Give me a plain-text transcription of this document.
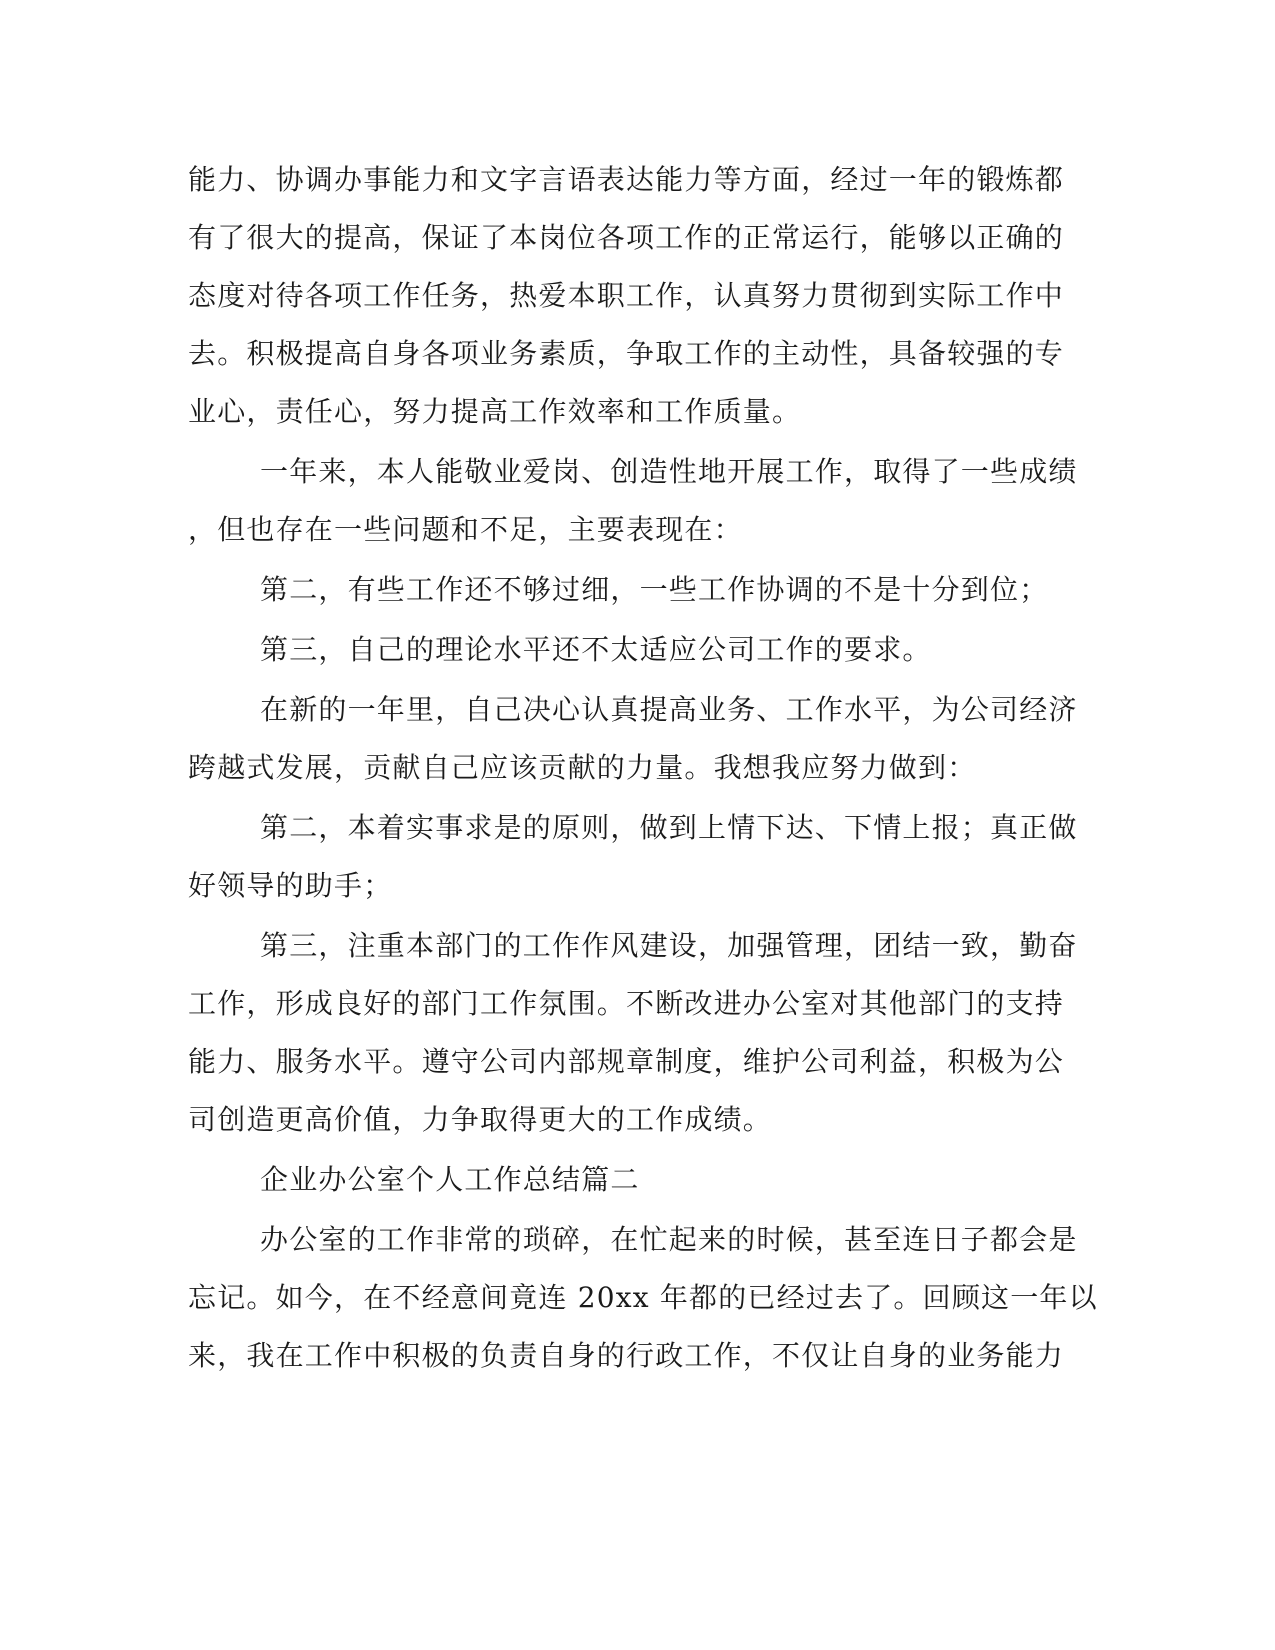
能力、协调办事能力和文字言语表达能力等方面，经过一年的锻炼都
有了很大的提高，保证了本岗位各项工作的正常运行，能够以正确的
态度对待各项工作任务，热爱本职工作，认真努力贯彻到实际工作中
去。积极提高自身各项业务素质，争取工作的主动性，具备较强的专
业心，责任心，努力提高工作效率和工作质量。
一年来，本人能敬业爱岗、创造性地开展工作，取得了一些成绩
，但也存在一些问题和不足，主要表现在：
第二，有些工作还不够过细，一些工作协调的不是十分到位；
第三，自己的理论水平还不太适应公司工作的要求。
在新的一年里，自己决心认真提高业务、工作水平，为公司经济
跨越式发展，贡献自己应该贡献的力量。我想我应努力做到：
第二，本着实事求是的原则，做到上情下达、下情上报；真正做
好领导的助手；
第三，注重本部门的工作作风建设，加强管理，团结一致，勤奋
工作，形成良好的部门工作氛围。不断改进办公室对其他部门的支持
能力、服务水平。遵守公司内部规章制度，维护公司利益，积极为公
司创造更高价值，力争取得更大的工作成绩。
企业办公室个人工作总结篇二
办公室的工作非常的琐碎，在忙起来的时候，甚至连日子都会是
忘记。如今，在不经意间竟连 20xx 年都的已经过去了。回顾这一年以
来，我在工作中积极的负责自身的行政工作，不仅让自身的业务能力
